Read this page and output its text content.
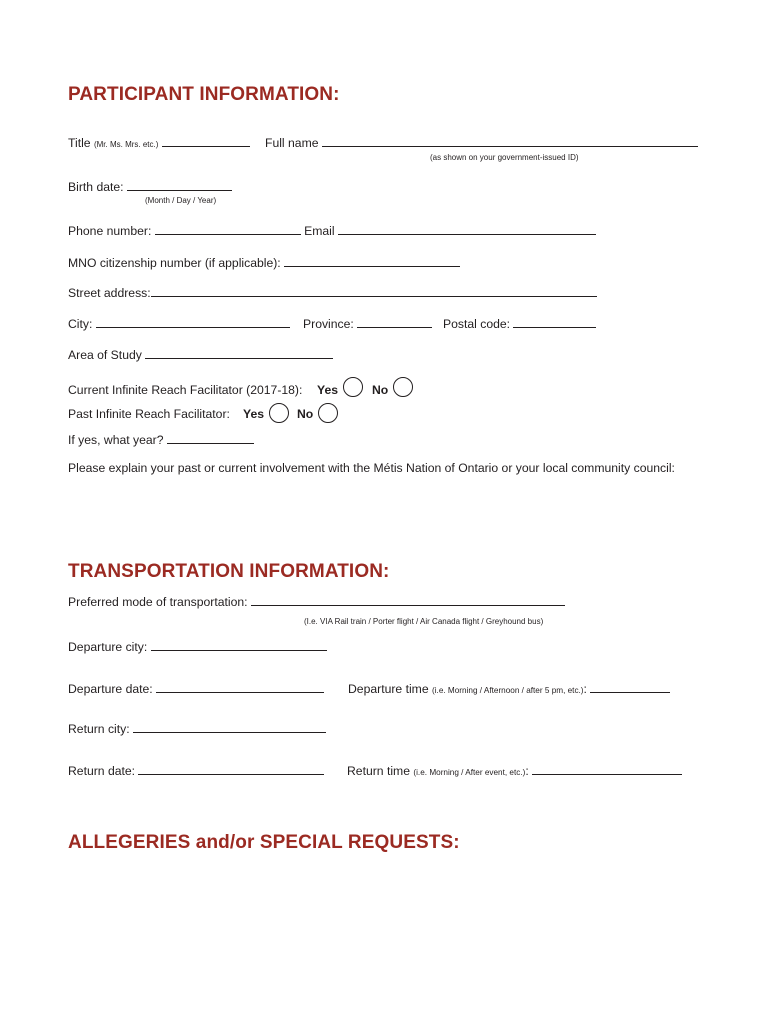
PARTICIPANT INFORMATION:
Title (Mr. Ms. Mrs. etc.)	Full name
(as shown on your government-issued ID)
Birth date:
(Month / Day / Year)
Phone number:	Email
MNO citizenship number (if applicable):
Street address:
City:	Province:	Postal code:
Area of Study
Current Infinite Reach Facilitator (2017-18): Yes	No
Past Infinite Reach Facilitator: Yes	No
If yes, what year?
Please explain your past or current involvement with the Métis Nation of Ontario or your local community council:
TRANSPORTATION INFORMATION:
Preferred mode of transportation:
(I.e. VIA Rail train / Porter flight / Air Canada flight / Greyhound bus)
Departure city:
Departure date:	Departure time (i.e. Morning / Afternoon / after 5 pm, etc.):
Return city:
Return date:	Return time (i.e. Morning / After event, etc.):
ALLEGERIES and/or SPECIAL REQUESTS:
